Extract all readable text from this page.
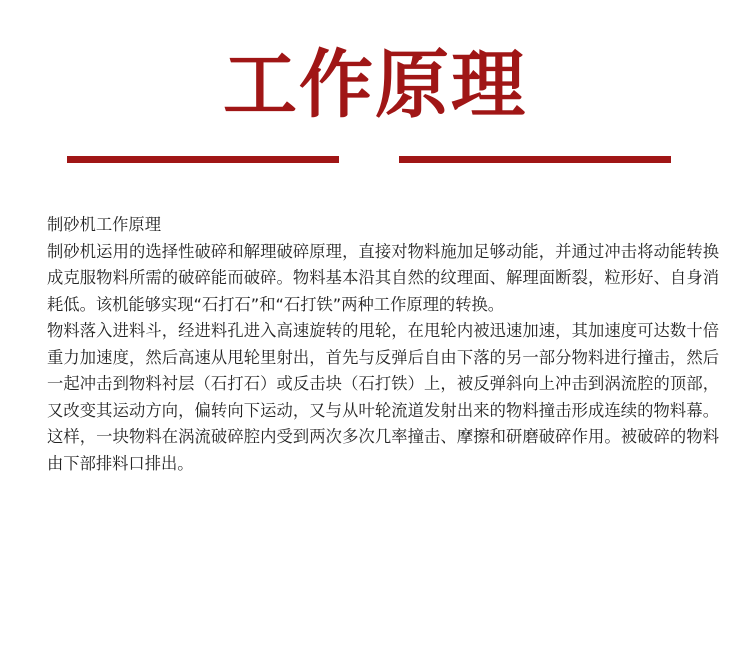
工作原理

制砂机工作原理

制砂机运用的选择性破碎和解理破碎原理，直接对物料施加足够动能，并通过冲击将动能转换成克服物料所需的破碎能而破碎。物料基本沿其自然的纹理面、解理面断裂，粒形好、自身消耗低。该机能够实现“石打石”和“石打铁”两种工作原理的转换。

物料落入进料斗，经进料孔进入高速旋转的甩轮，在甩轮内被迅速加速，其加速度可达数十倍重力加速度，然后高速从甩轮里射出，首先与反弹后自由下落的另一部分物料进行撞击，然后一起冲击到物料衬层（石打石）或反击块（石打铁）上，被反弹斜向上冲击到涡流腔的顶部，又改变其运动方向，偏转向下运动，又与从叶轮流道发射出来的物料撞击形成连续的物料幕。这样，一块物料在涡流破碎腔内受到两次多次几率撞击、摩擦和研磨破碎作用。被破碎的物料由下部排料口排出。
